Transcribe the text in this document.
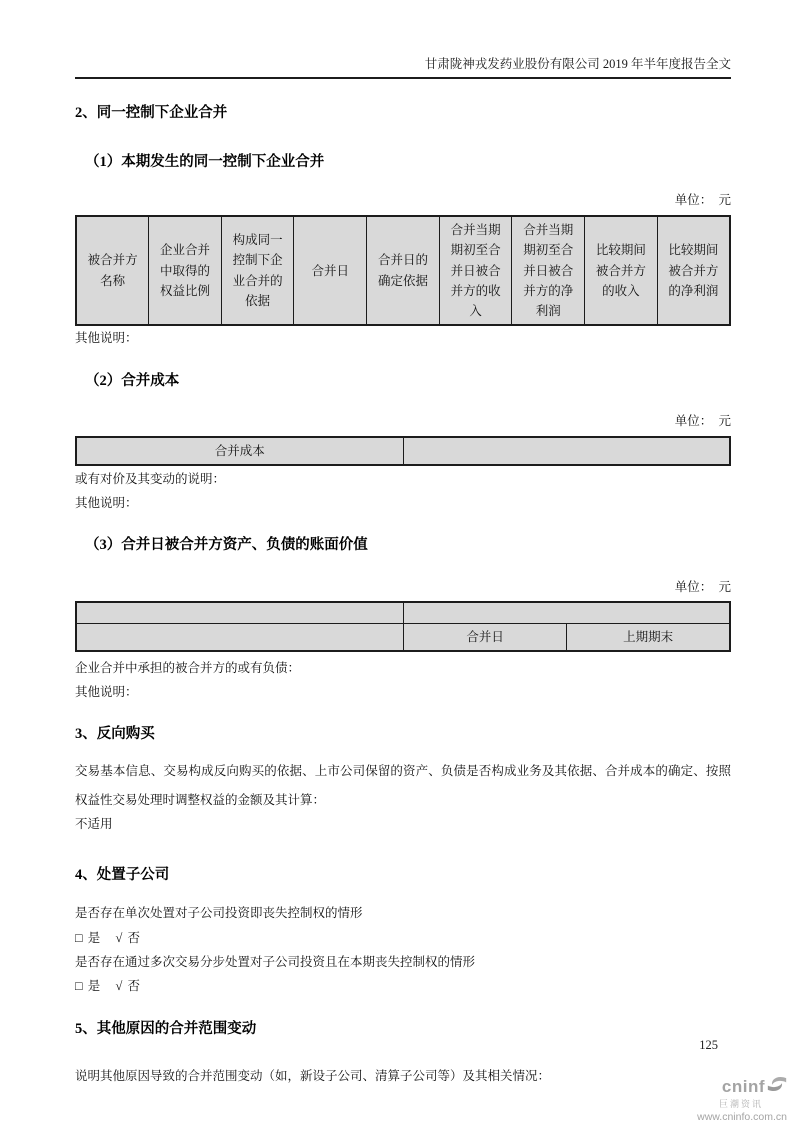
甘肃陇神戎发药业股份有限公司 2019 年半年度报告全文
2、同一控制下企业合并
（1）本期发生的同一控制下企业合并
单位：　元
被合并方名称	企业合并中取得的权益比例	构成同一控制下企业合并的依据	合并日	合并日的确定依据	合并当期期初至合并日被合并方的收入	合并当期期初至合并日被合并方的净利润	比较期间被合并方的收入	比较期间被合并方的净利润
其他说明：
（2）合并成本
单位：　元
合并成本	
或有对价及其变动的说明：
其他说明：
（3）合并日被合并方资产、负债的账面价值
单位：　元

	合并日	上期期末
企业合并中承担的被合并方的或有负债：
其他说明：
3、反向购买
交易基本信息、交易构成反向购买的依据、上市公司保留的资产、负债是否构成业务及其依据、合并成本的确定、按照权益性交易处理时调整权益的金额及其计算：
不适用
4、处置子公司
是否存在单次处置对子公司投资即丧失控制权的情形
□ 是 √ 否
是否存在通过多次交易分步处置对子公司投资且在本期丧失控制权的情形
□ 是 √ 否
5、其他原因的合并范围变动
说明其他原因导致的合并范围变动（如，新设子公司、清算子公司等）及其相关情况：
125
cninf
巨潮资讯
www.cninfo.com.cn
